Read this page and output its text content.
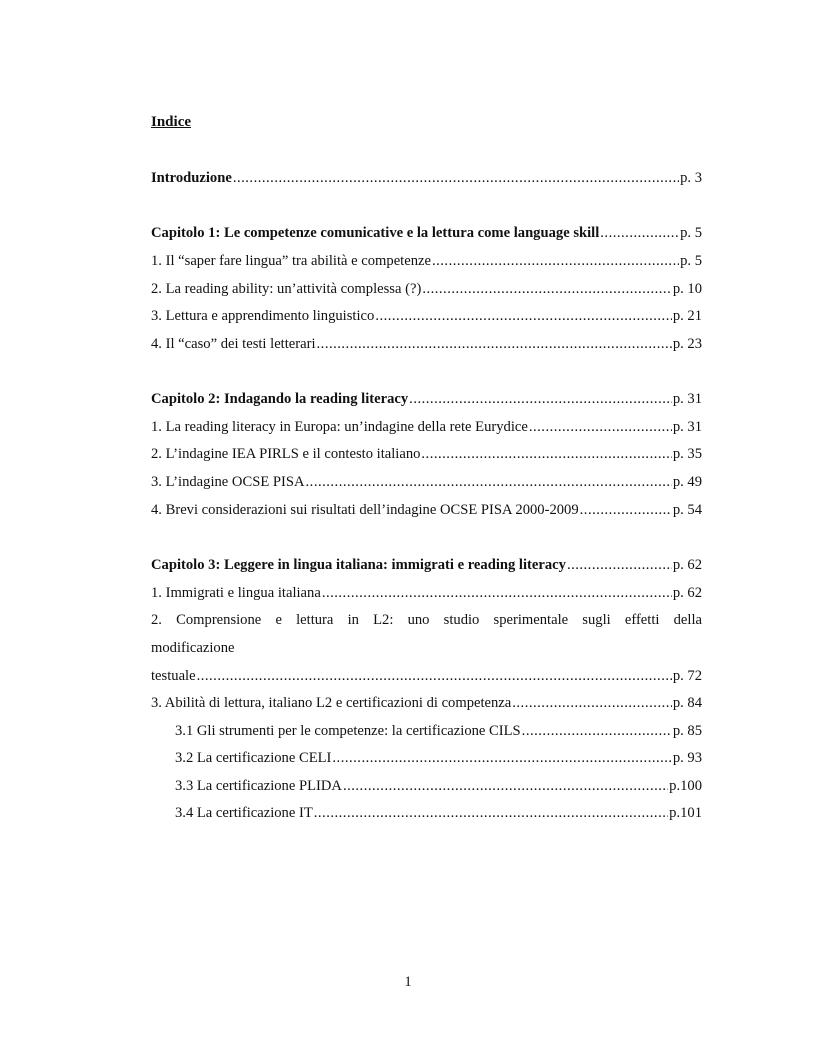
Indice
Introduzione .....	p. 3
Capitolo 1: Le competenze comunicative e la lettura come language skill .....	p. 5
1. Il “saper fare lingua” tra abilità e competenze .....	p. 5
2. La reading ability: un’attività complessa (?) .....	p. 10
3. Lettura e apprendimento linguistico .....	p. 21
4. Il “caso” dei testi letterari .....	p. 23
Capitolo 2: Indagando la reading literacy .....	p. 31
1. La reading literacy in Europa: un’indagine della rete Eurydice .....	p. 31
2. L’indagine IEA PIRLS e il contesto italiano .....	p. 35
3. L’indagine OCSE PISA .....	p. 49
4. Brevi considerazioni sui risultati dell’indagine OCSE PISA 2000-2009 .....	p. 54
Capitolo 3: Leggere in lingua italiana: immigrati e reading literacy .....	p. 62
1. Immigrati e lingua italiana .....	p. 62
2. Comprensione e lettura in L2: uno studio sperimentale sugli effetti della
modificazione
testuale .....	p. 72
3. Abilità di lettura, italiano L2 e certificazioni di competenza .....	p. 84
3.1 Gli strumenti per le competenze: la certificazione CILS .....	p. 85
3.2 La certificazione CELI .....	p. 93
3.3 La certificazione PLIDA .....	p.100
3.4 La certificazione IT .....	p.101
1
